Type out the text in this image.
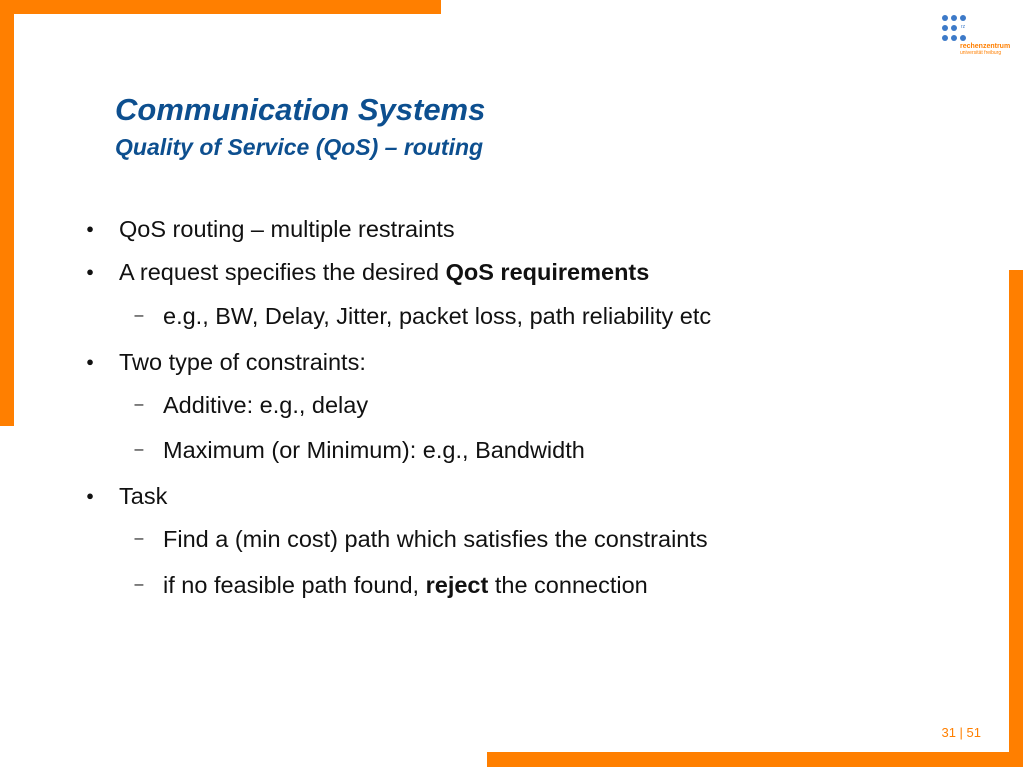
rz
rechenzentrum
universität freiburg
Communication Systems
Quality of Service (QoS) – routing
● QoS routing – multiple restraints
● A request specifies the desired QoS requirements
– e.g., BW, Delay, Jitter, packet loss, path reliability etc
● Two type of constraints:
– Additive: e.g., delay
– Maximum (or Minimum): e.g., Bandwidth
● Task
– Find a (min cost) path which satisfies the constraints
– if no feasible path found, reject the connection
31 | 51
